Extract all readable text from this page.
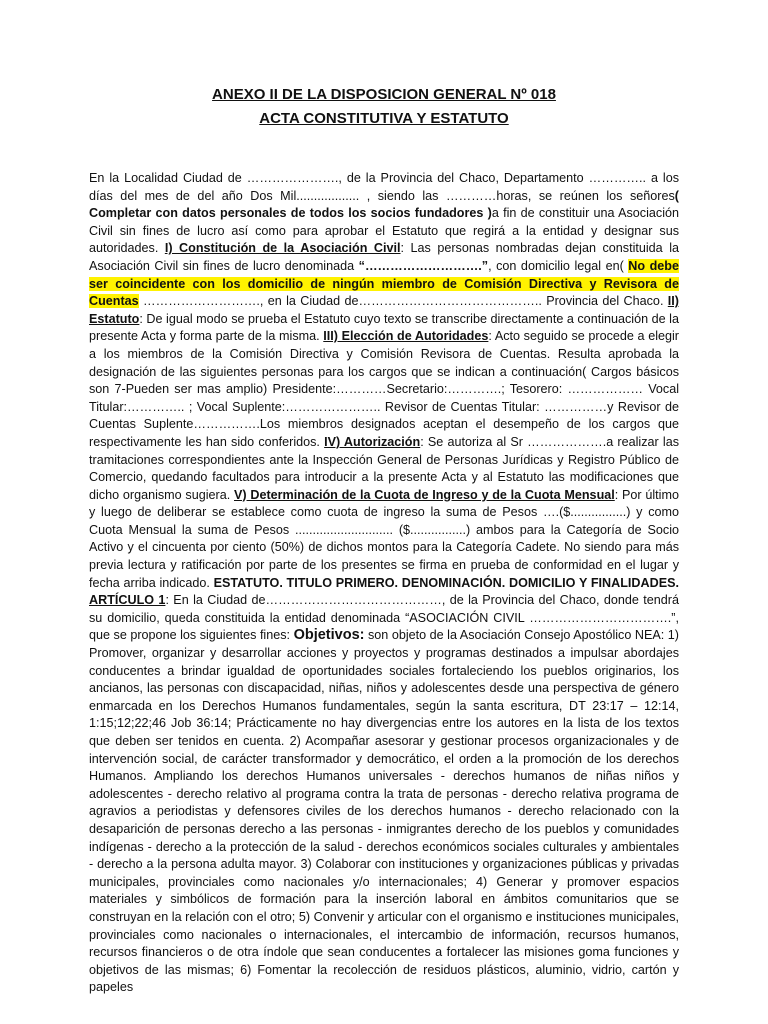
ANEXO II DE LA DISPOSICION GENERAL Nº 018
ACTA CONSTITUTIVA Y ESTATUTO

En la Localidad Ciudad de …………………., de la Provincia del Chaco, Departamento ………….. a los días del mes de del año Dos Mil.................. , siendo las …………horas, se reúnen los señores( Completar con datos personales de todos los socios fundadores )a fin de constituir una Asociación Civil sin fines de lucro así como para aprobar el Estatuto que regirá a la entidad y designar sus autoridades. I) Constitución de la Asociación Civil: Las personas nombradas dejan constituida la Asociación Civil sin fines de lucro denominada “……………………….”, con domicilio legal en( No debe ser coincidente con los domicilio de ningún miembro de Comisión Directiva y Revisora de Cuentas ………………………., en la Ciudad de…………………………………….. Provincia del Chaco. II) Estatuto: De igual modo se prueba el Estatuto cuyo texto se transcribe directamente a continuación de la presente Acta y forma parte de la misma. III) Elección de Autoridades: Acto seguido se procede a elegir a los miembros de la Comisión Directiva y Comisión Revisora de Cuentas. Resulta aprobada la designación de las siguientes personas para los cargos que se indican a continuación( Cargos básicos son 7-Pueden ser mas amplio) Presidente:…………Secretario:………….; Tesorero: ……………… Vocal Titular:………….. ; Vocal Suplente:………………….. Revisor de Cuentas Titular: ……………y Revisor de Cuentas Suplente…………….Los miembros designados aceptan el desempeño de los cargos que respectivamente les han sido conferidos. IV) Autorización: Se autoriza al Sr ……………….a realizar las tramitaciones correspondientes ante la Inspección General de Personas Jurídicas y Registro Público de Comercio, quedando facultados para introducir a la presente Acta y al Estatuto las modificaciones que dicho organismo sugiera. V) Determinación de la Cuota de Ingreso y de la Cuota Mensual: Por último y luego de deliberar se establece como cuota de ingreso la suma de Pesos ….($................) y como Cuota Mensual la suma de Pesos ............................ ($................) ambos para la Categoría de Socio Activo y el cincuenta por ciento (50%) de dichos montos para la Categoría Cadete. No siendo para más previa lectura y ratificación por parte de los presentes se firma en prueba de conformidad en el lugar y fecha arriba indicado. ESTATUTO. TITULO PRIMERO. DENOMINACIÓN. DOMICILIO Y FINALIDADES. ARTÍCULO 1: En la Ciudad de……………………………………, de la Provincia del Chaco, donde tendrá su domicilio, queda constituida la entidad denominada “ASOCIACIÓN CIVIL …………………………….”, que se propone los siguientes fines: Objetivos: son objeto de la Asociación Consejo Apostólico NEA: 1) Promover, organizar y desarrollar acciones y proyectos y programas destinados a impulsar abordajes conducentes a brindar igualdad de oportunidades sociales fortaleciendo los pueblos originarios, los ancianos, las personas con discapacidad, niñas, niños y adolescentes desde una perspectiva de género enmarcada en los Derechos Humanos fundamentales, según la santa escritura, DT 23:17 – 12:14, 1:15;12;22;46 Job 36:14; Prácticamente no hay divergencias entre los autores en la lista de los textos que deben ser tenidos en cuenta. 2) Acompañar asesorar y gestionar procesos organizacionales y de intervención social, de carácter transformador y democrático, el orden a la promoción de los derechos Humanos. Ampliando los derechos Humanos universales - derechos humanos de niñas niños y adolescentes - derecho relativo al programa contra la trata de personas - derecho relativa programa de agravios a periodistas y defensores civiles de los derechos humanos - derecho relacionado con la desaparición de personas derecho a las personas - inmigrantes derecho de los pueblos y comunidades indígenas - derecho a la protección de la salud - derechos económicos sociales culturales y ambientales - derecho a la persona adulta mayor. 3) Colaborar con instituciones y organizaciones públicas y privadas municipales, provinciales como nacionales y/o internacionales; 4) Generar y promover espacios materiales y simbólicos de formación para la inserción laboral en ámbitos comunitarios que se construyan en la relación con el otro; 5) Convenir y articular con el organismo e instituciones municipales, provinciales como nacionales o internacionales, el intercambio de información, recursos humanos, recursos financieros o de otra índole que sean conducentes a fortalecer las misiones goma funciones y objetivos de las mismas; 6) Fomentar la recolección de residuos plásticos, aluminio, vidrio, cartón y papeles
